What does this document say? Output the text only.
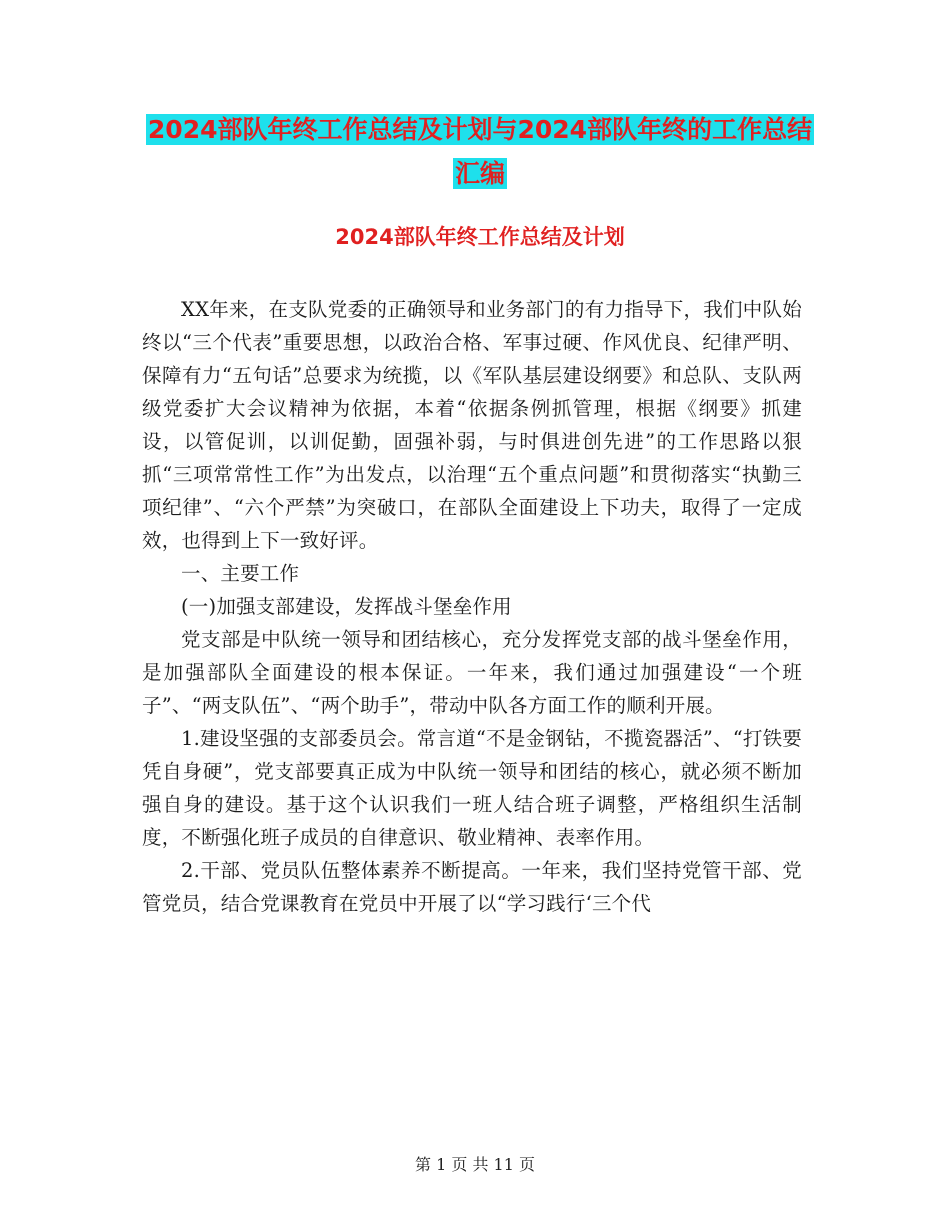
2024部队年终工作总结及计划与2024部队年终的工作总结汇编
2024部队年终工作总结及计划

XX年来，在支队党委的正确领导和业务部门的有力指导下，我们中队始终以“三个代表”重要思想，以政治合格、军事过硬、作风优良、纪律严明、保障有力“五句话”总要求为统揽，以《军队基层建设纲要》和总队、支队两级党委扩大会议精神为依据，本着“依据条例抓管理，根据《纲要》抓建设，以管促训，以训促勤，固强补弱，与时俱进创先进”的工作思路以狠抓“三项常常性工作”为出发点，以治理“五个重点问题”和贯彻落实“执勤三项纪律”、“六个严禁”为突破口，在部队全面建设上下功夫，取得了一定成效，也得到上下一致好评。

一、主要工作

(一)加强支部建设，发挥战斗堡垒作用

党支部是中队统一领导和团结核心，充分发挥党支部的战斗堡垒作用，是加强部队全面建设的根本保证。一年来，我们通过加强建设“一个班子”、“两支队伍”、“两个助手”，带动中队各方面工作的顺利开展。

1.建设坚强的支部委员会。常言道“不是金钢钻，不揽瓷器活”、“打铁要凭自身硬”，党支部要真正成为中队统一领导和团结的核心，就必须不断加强自身的建设。基于这个认识我们一班人结合班子调整，严格组织生活制度，不断强化班子成员的自律意识、敬业精神、表率作用。

2.干部、党员队伍整体素养不断提高。一年来，我们坚持党管干部、党管党员，结合党课教育在党员中开展了以“学习践行‘三个代

第 1 页 共 11 页
